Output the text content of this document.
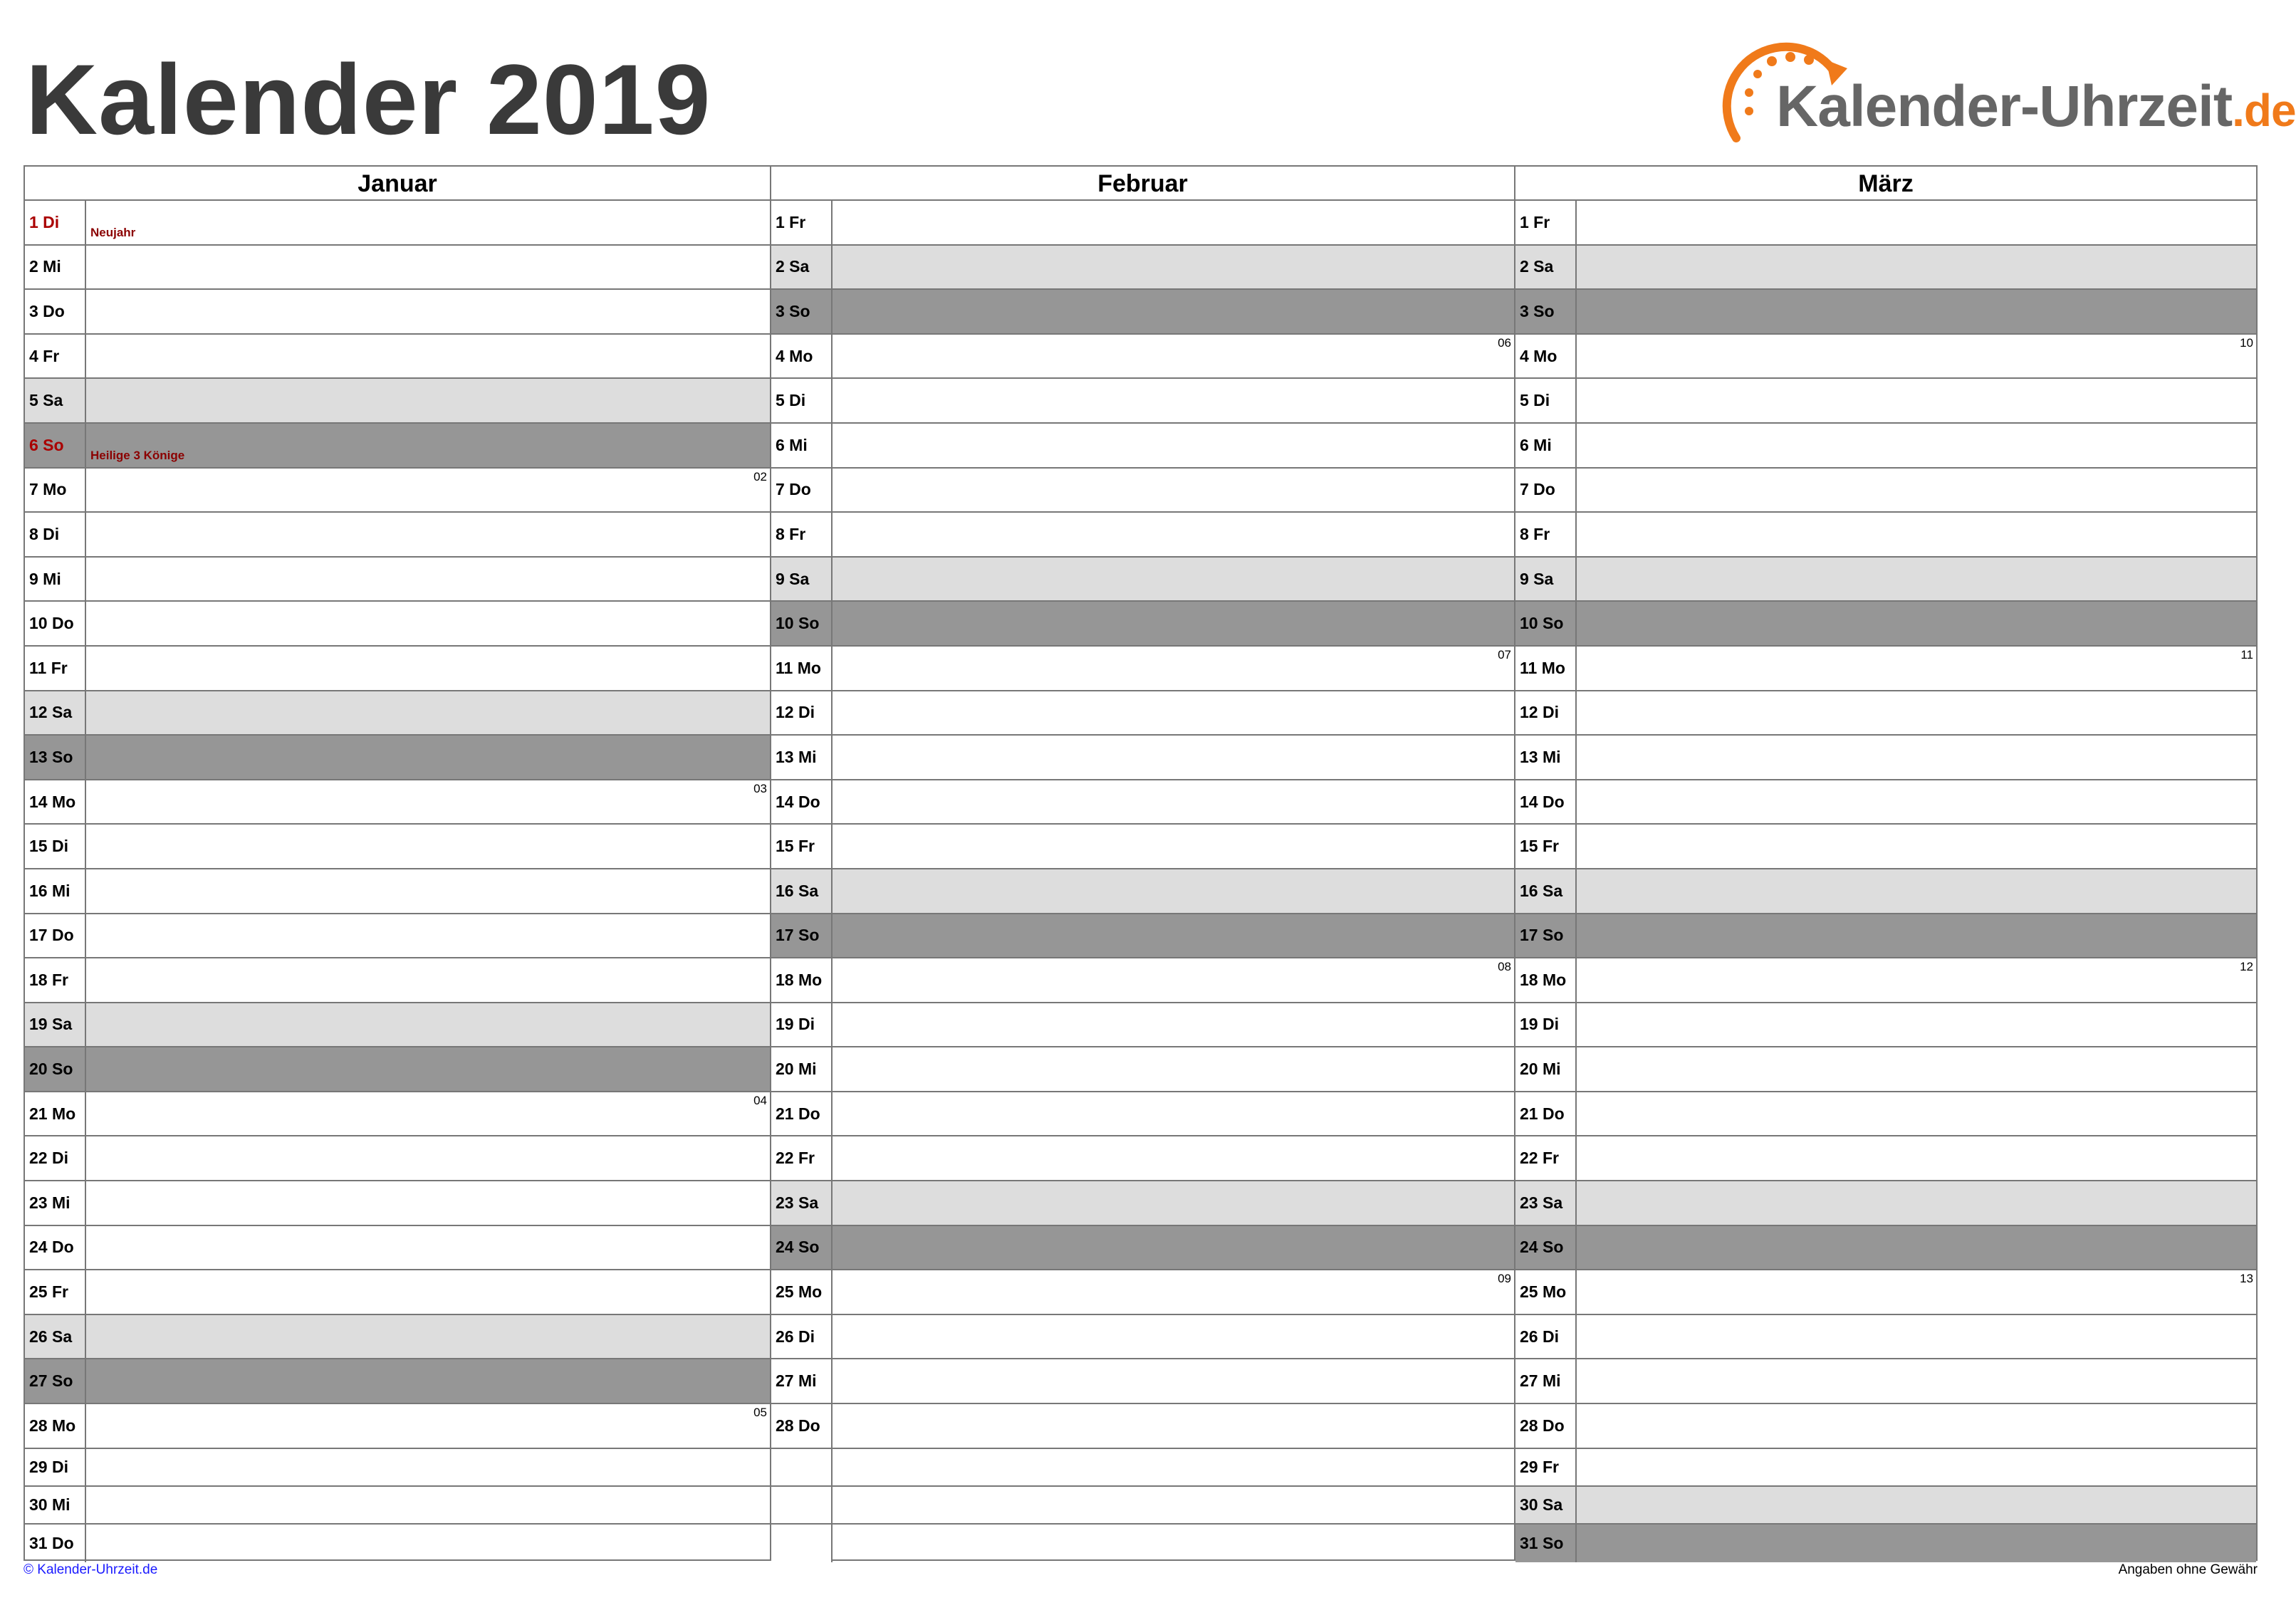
Kalender 2019	Kalender-Uhrzeit.de
Januar
1 Di
Neujahr
2 Mi
3 Do
4 Fr
5 Sa
6 So
Heilige 3 Könige
7 Mo
02
8 Di
9 Mi
10 Do
11 Fr
12 Sa
13 So
14 Mo
03
15 Di
16 Mi
17 Do
18 Fr
19 Sa
20 So
21 Mo
04
22 Di
23 Mi
24 Do
25 Fr
26 Sa
27 So
28 Mo
05
29 Di
30 Mi
31 Do
Februar
1 Fr
2 Sa
3 So
4 Mo
06
5 Di
6 Mi
7 Do
8 Fr
9 Sa
10 So
11 Mo
07
12 Di
13 Mi
14 Do
15 Fr
16 Sa
17 So
18 Mo
08
19 Di
20 Mi
21 Do
22 Fr
23 Sa
24 So
25 Mo
09
26 Di
27 Mi
28 Do
März
1 Fr
2 Sa
3 So
4 Mo
10
5 Di
6 Mi
7 Do
8 Fr
9 Sa
10 So
11 Mo
11
12 Di
13 Mi
14 Do
15 Fr
16 Sa
17 So
18 Mo
12
19 Di
20 Mi
21 Do
22 Fr
23 Sa
24 So
25 Mo
13
26 Di
27 Mi
28 Do
29 Fr
30 Sa
31 So
© Kalender-Uhrzeit.de	Angaben ohne Gewähr
